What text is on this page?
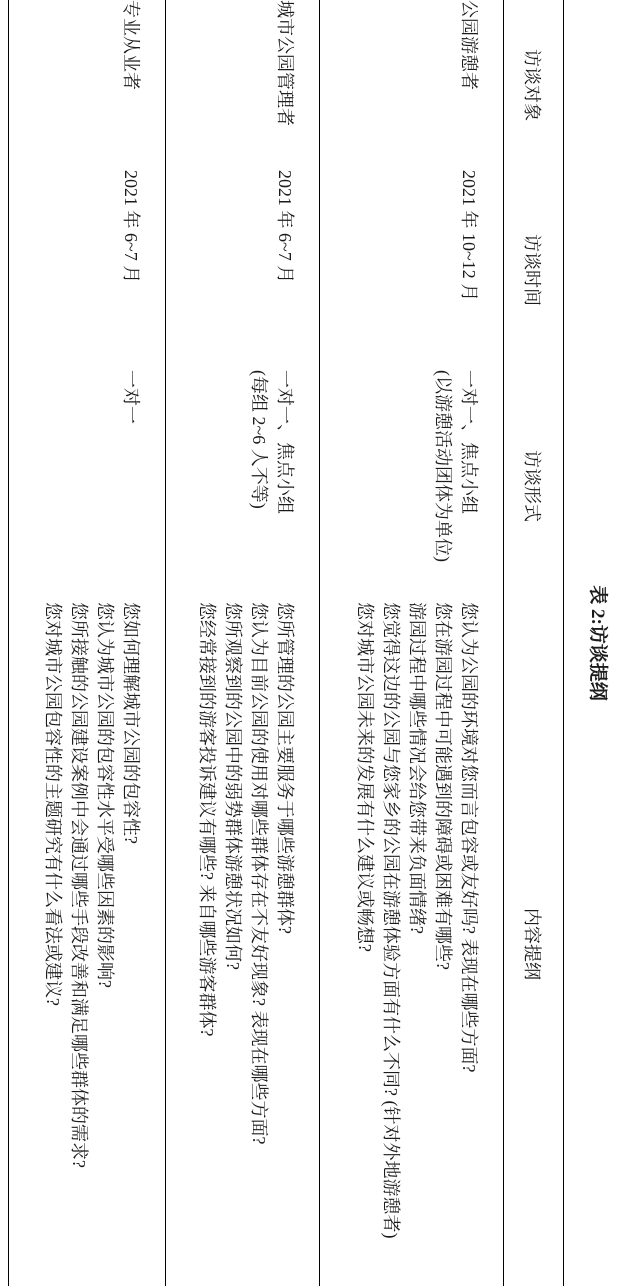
表 2:访谈提纲
访谈对象	访谈时间	访谈形式	内容提纲

公园游憩者	2021 年 10~12 月	一对一、焦点小组
(以游憩活动团体为单位)	您认为公园的环境对您而言包容或友好吗? 表现在哪些方面?
您在游园过程中可能遇到的障碍或困难有哪些?
游园过程中哪些情况会给您带来负面情绪?
您觉得这边的公园与您家乡的公园在游憩体验方面有什么不同? (针对外地游憩者)
您对城市公园未来的发展有什么建议或畅想?

城市公园管理者	2021 年 6~7 月	一对一、焦点小组
(每组 2~6 人不等)	您所管理的公园主要服务于哪些游憩群体?
您认为目前公园的使用对哪些群体存在不友好现象? 表现在哪些方面?
您所观察到的公园中的弱势群体游憩状况如何?
您经常接到的游客投诉建议有哪些? 来自哪些游客群体?

专业从业者	2021 年 6~7 月	一对一	您如何理解城市公园的包容性?
您认为城市公园的包容性水平受哪些因素的影响?
您所接触的公园建设案例中会通过哪些手段改善和满足哪些群体的需求?
您对城市公园包容性的主题研究有什么看法或建议?
